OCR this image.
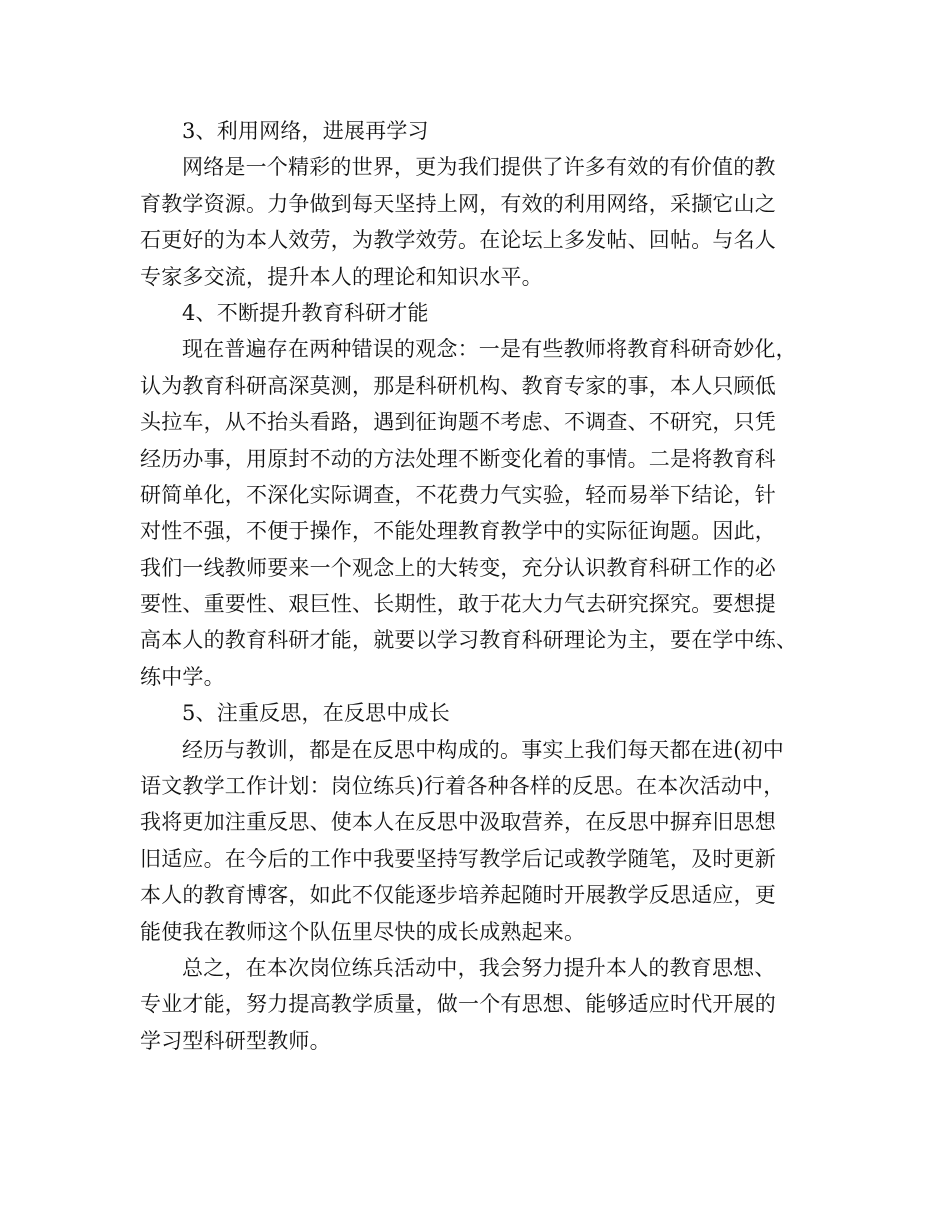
3、利用网络，进展再学习
网络是一个精彩的世界，更为我们提供了许多有效的有价值的教
育教学资源。力争做到每天坚持上网，有效的利用网络，采撷它山之
石更好的为本人效劳，为教学效劳。在论坛上多发帖、回帖。与名人
专家多交流，提升本人的理论和知识水平。
4、不断提升教育科研才能
现在普遍存在两种错误的观念：一是有些教师将教育科研奇妙化，
认为教育科研高深莫测，那是科研机构、教育专家的事，本人只顾低
头拉车，从不抬头看路，遇到征询题不考虑、不调查、不研究，只凭
经历办事，用原封不动的方法处理不断变化着的事情。二是将教育科
研简单化，不深化实际调查，不花费力气实验，轻而易举下结论，针
对性不强，不便于操作，不能处理教育教学中的实际征询题。因此，
我们一线教师要来一个观念上的大转变，充分认识教育科研工作的必
要性、重要性、艰巨性、长期性，敢于花大力气去研究探究。要想提
高本人的教育科研才能，就要以学习教育科研理论为主，要在学中练、
练中学。
5、注重反思，在反思中成长
经历与教训，都是在反思中构成的。事实上我们每天都在进(初中
语文教学工作计划：岗位练兵)行着各种各样的反思。在本次活动中，
我将更加注重反思、使本人在反思中汲取营养，在反思中摒弃旧思想
旧适应。在今后的工作中我要坚持写教学后记或教学随笔，及时更新
本人的教育博客，如此不仅能逐步培养起随时开展教学反思适应，更
能使我在教师这个队伍里尽快的成长成熟起来。
总之，在本次岗位练兵活动中，我会努力提升本人的教育思想、
专业才能，努力提高教学质量，做一个有思想、能够适应时代开展的
学习型科研型教师。
